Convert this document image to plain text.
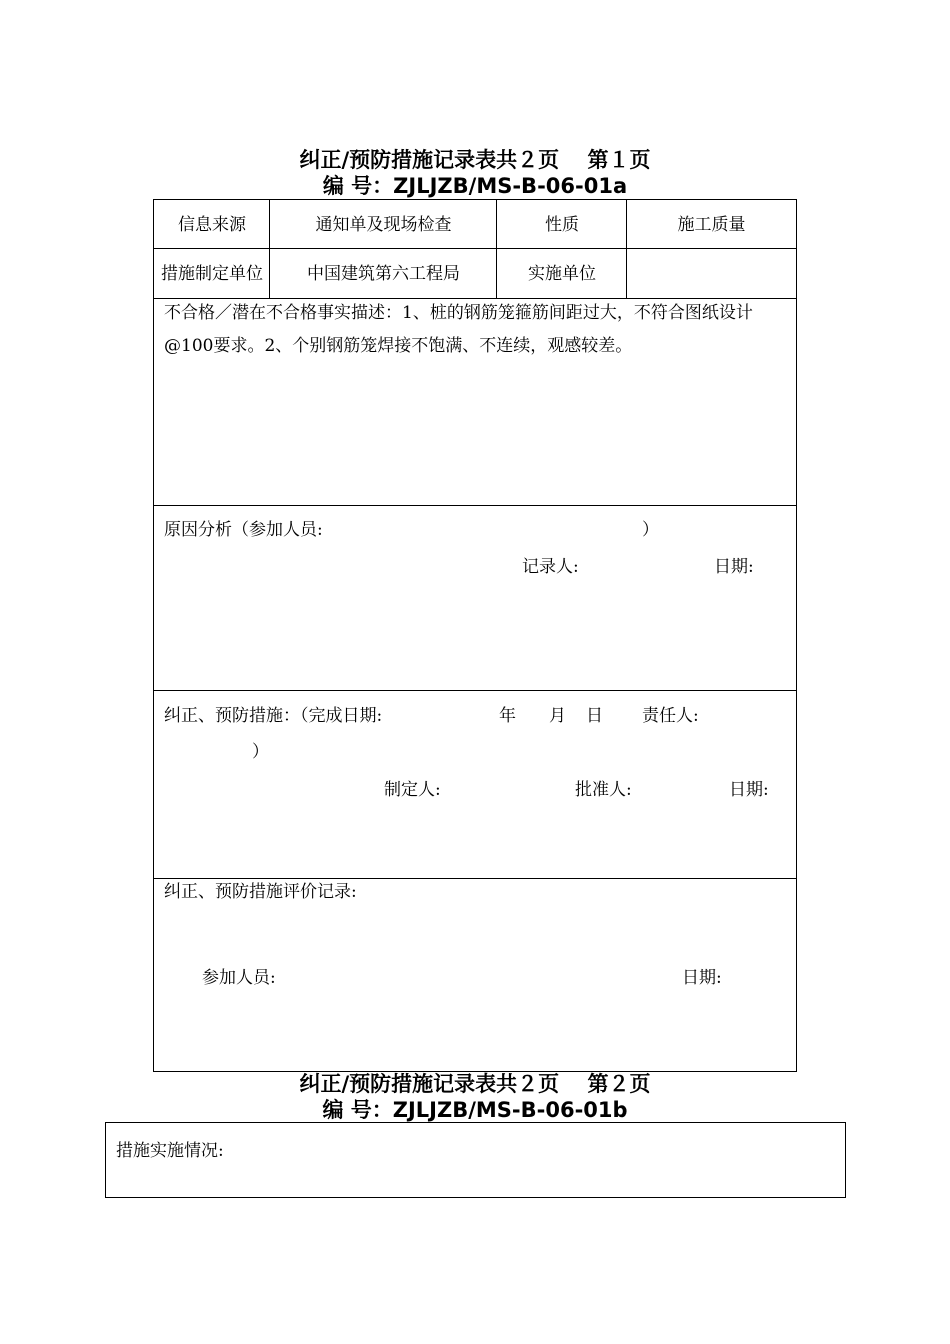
纠正/预防措施记录表共２页　 第１页
编 号：ZJLJZB/MS-B-06-01a
信息来源	通知单及现场检查	性质	施工质量
措施制定单位	中国建筑第六工程局	实施单位
不合格／潜在不合格事实描述：1、桩的钢筋笼箍筋间距过大，不符合图纸设计@100要求。2、个别钢筋笼焊接不饱满、不连续，观感较差。
原因分析（参加人员:	）
记录人:	日期:
纠正、预防措施：（完成日期:	年 月 日 责任人:
）
制定人:	批准人:	日期:
纠正、预防措施评价记录:
参加人员:	日期:
纠正/预防措施记录表共２页　 第２页
编 号：ZJLJZB/MS-B-06-01b
措施实施情况:
